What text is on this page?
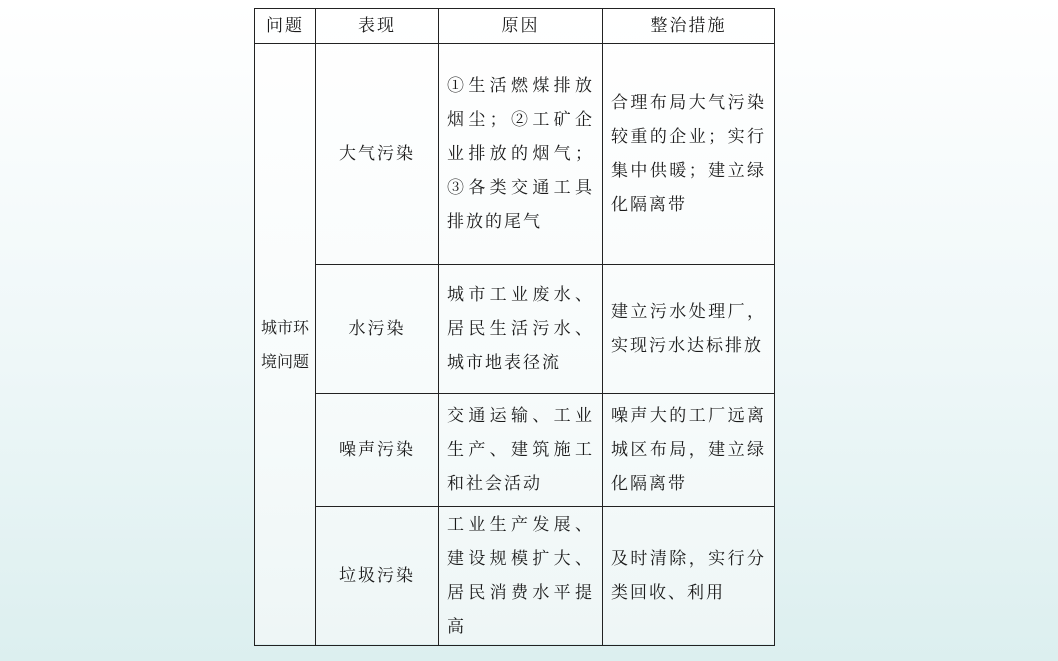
问题	表现	原因	整治措施
城市环境问题	大气污染	①生活燃煤排放烟尘；②工矿企业排放的烟气；③各类交通工具排放的尾气	合理布局大气污染较重的企业；实行集中供暖；建立绿化隔离带
	水污染	城市工业废水、居民生活污水、城市地表径流	建立污水处理厂，实现污水达标排放
	噪声污染	交通运输、工业生产、建筑施工和社会活动	噪声大的工厂远离城区布局，建立绿化隔离带
	垃圾污染	工业生产发展、建设规模扩大、居民消费水平提高	及时清除，实行分类回收、利用
